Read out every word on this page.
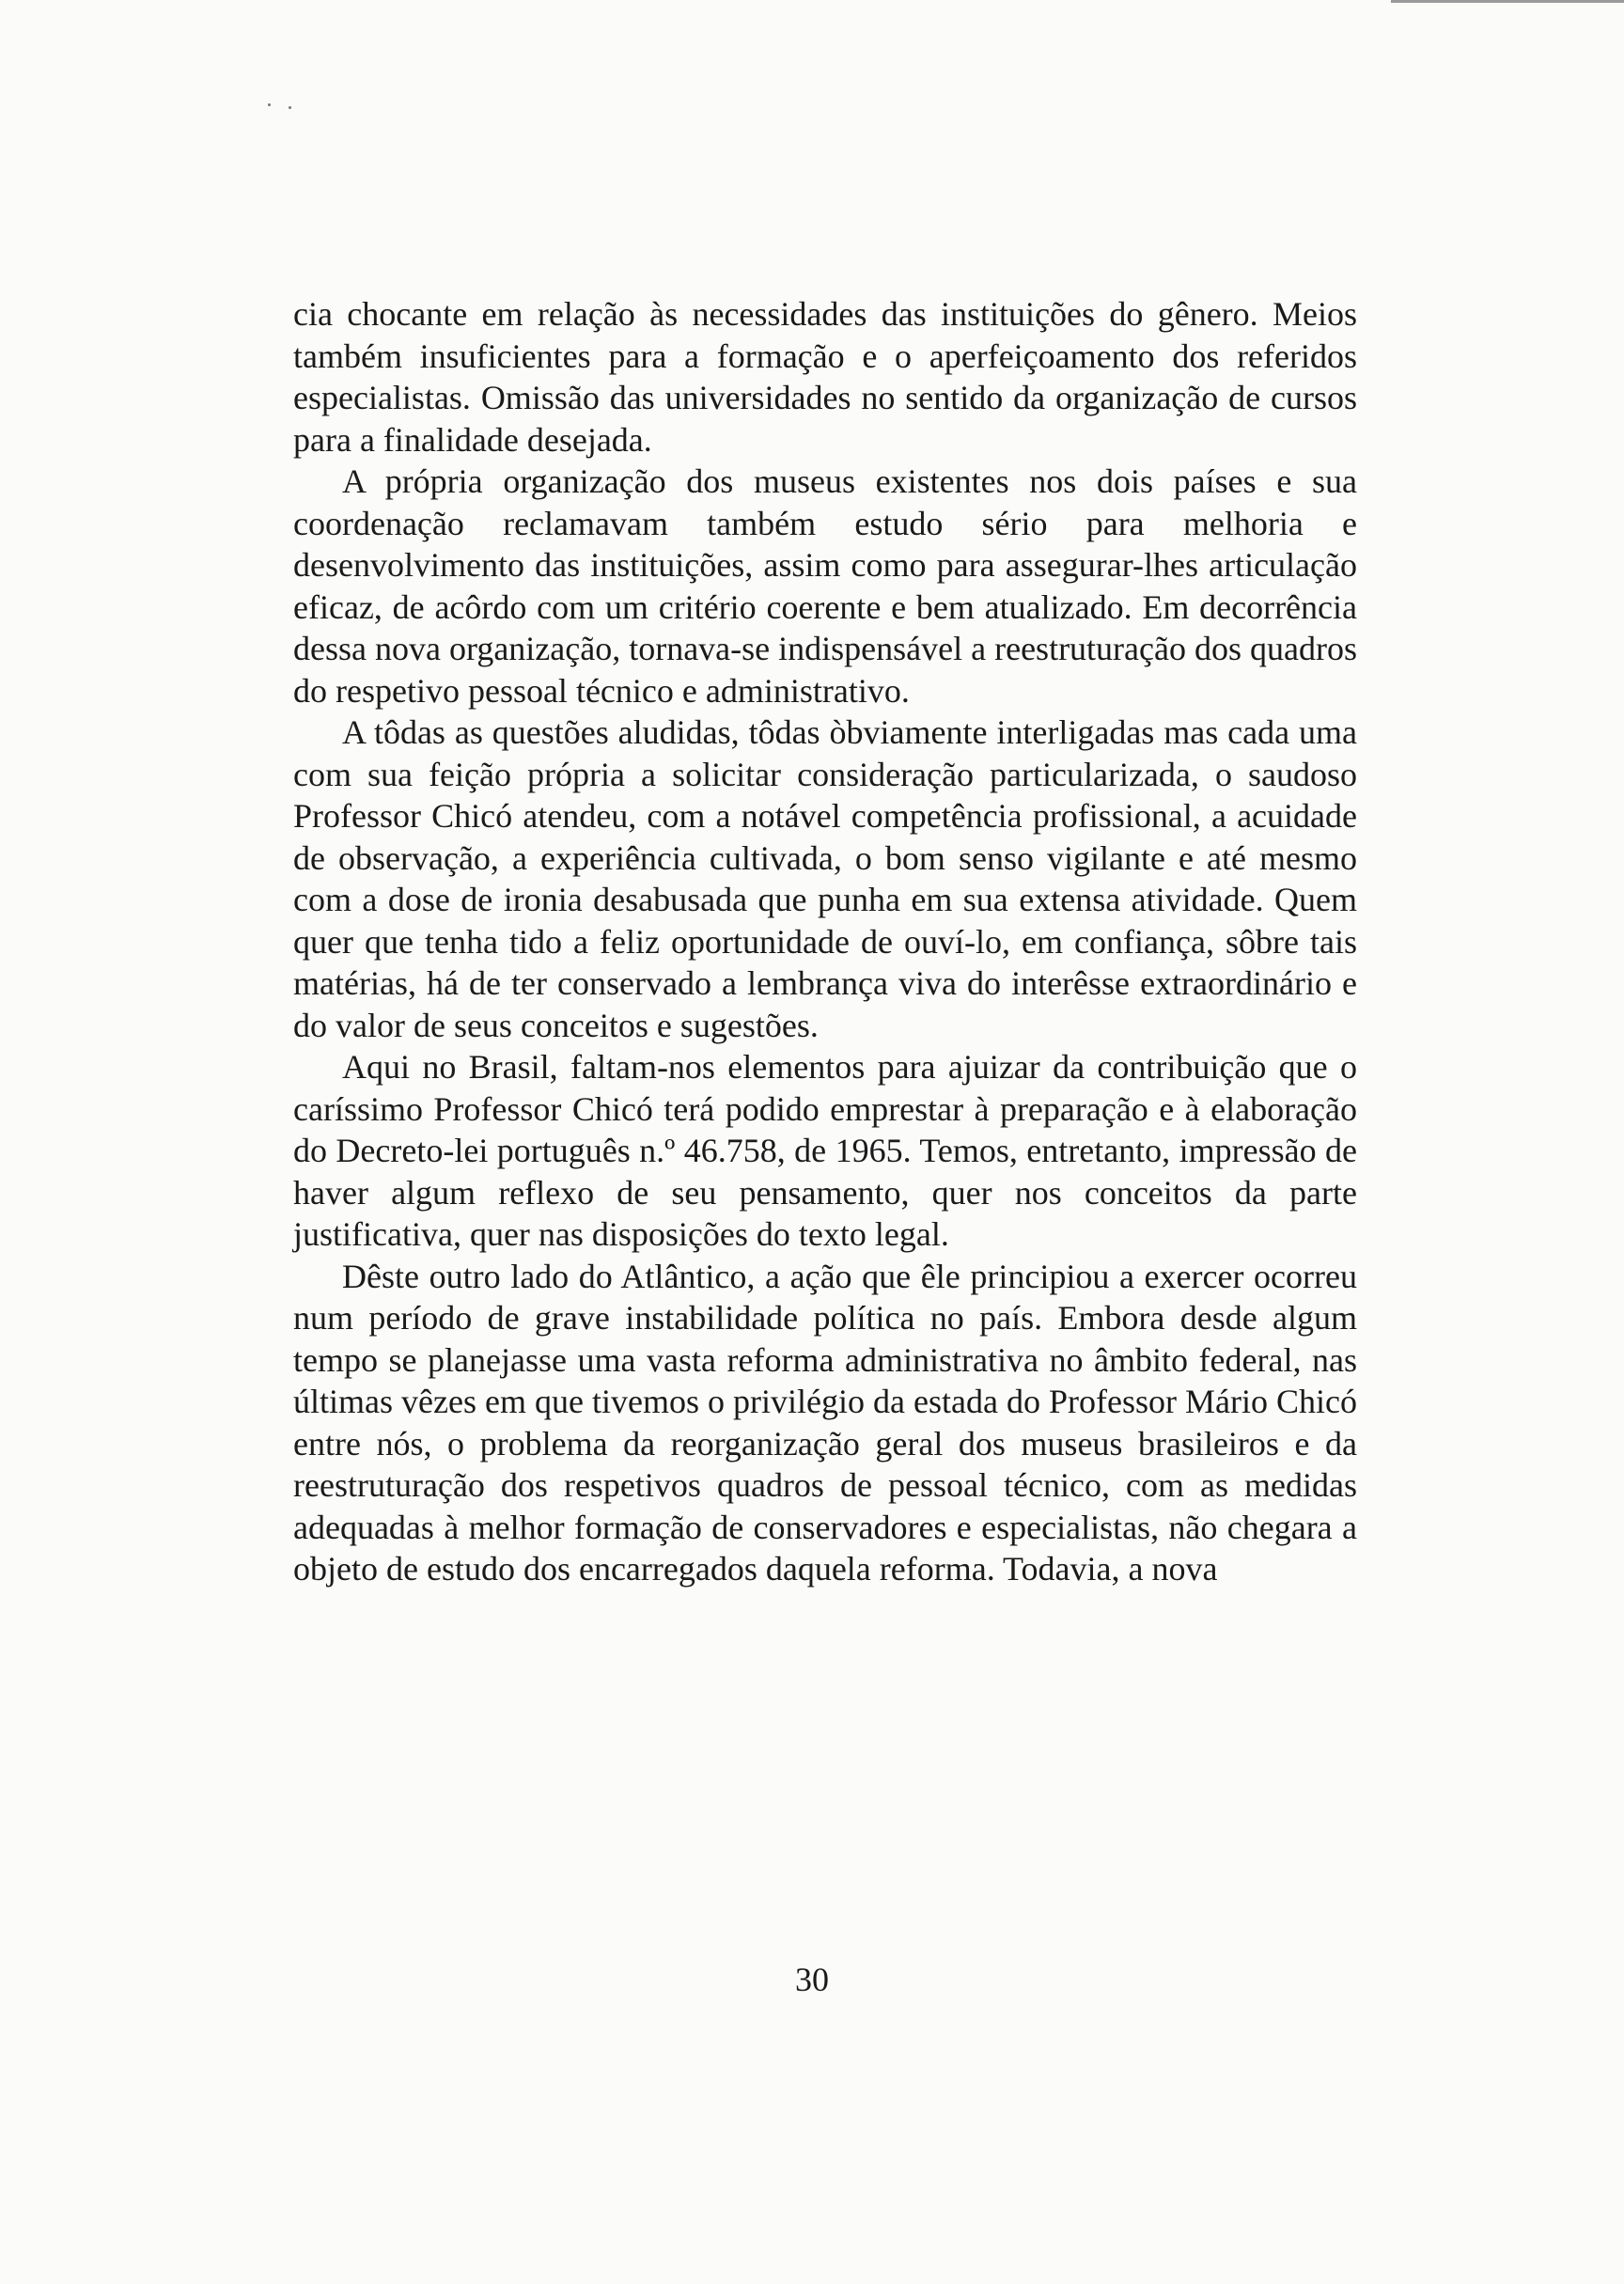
cia chocante em relação às necessidades das instituições do gênero. Meios também insuficientes para a formação e o aperfeiçoamento dos referidos especialistas. Omissão das universidades no sentido da organização de cursos para a finalidade desejada.

A própria organização dos museus existentes nos dois países e sua coordenação reclamavam também estudo sério para melhoria e desenvolvimento das instituições, assim como para assegurar-lhes articulação eficaz, de acôrdo com um critério coerente e bem atualizado. Em decorrência dessa nova organização, tornava-se indispensável a reestruturação dos quadros do respetivo pessoal técnico e administrativo.

A tôdas as questões aludidas, tôdas òbviamente interligadas mas cada uma com sua feição própria a solicitar consideração particularizada, o saudoso Professor Chicó atendeu, com a notável competência profissional, a acuidade de observação, a experiência cultivada, o bom senso vigilante e até mesmo com a dose de ironia desabusada que punha em sua extensa atividade. Quem quer que tenha tido a feliz oportunidade de ouví-lo, em confiança, sôbre tais matérias, há de ter conservado a lembrança viva do interêsse extraordinário e do valor de seus conceitos e sugestões.

Aqui no Brasil, faltam-nos elementos para ajuizar da contribuição que o caríssimo Professor Chicó terá podido emprestar à preparação e à elaboração do Decreto-lei português n.º 46.758, de 1965. Temos, entretanto, impressão de haver algum reflexo de seu pensamento, quer nos conceitos da parte justificativa, quer nas disposições do texto legal.

Dêste outro lado do Atlântico, a ação que êle principiou a exercer ocorreu num período de grave instabilidade política no país. Embora desde algum tempo se planejasse uma vasta reforma administrativa no âmbito federal, nas últimas vêzes em que tivemos o privilégio da estada do Professor Mário Chicó entre nós, o problema da reorganização geral dos museus brasileiros e da reestruturação dos respetivos quadros de pessoal técnico, com as medidas adequadas à melhor formação de conservadores e especialistas, não chegara a objeto de estudo dos encarregados daquela reforma. Todavia, a nova

30
